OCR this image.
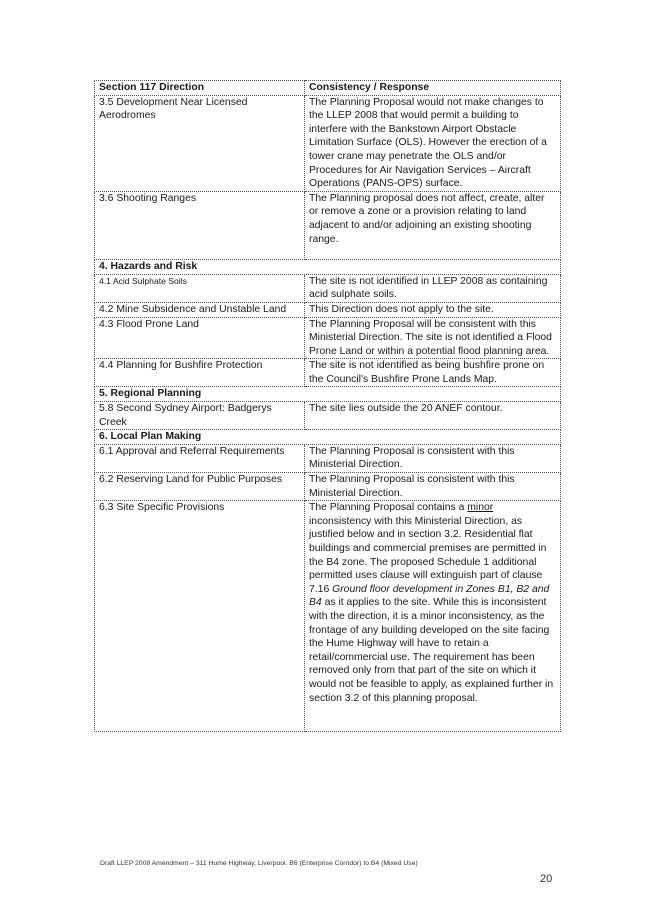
Section 117 Direction	Consistency / Response
3.5 Development Near Licensed Aerodromes	The Planning Proposal would not make changes to the LLEP 2008 that would permit a building to interfere with the Bankstown Airport Obstacle Limitation Surface (OLS). However the erection of a tower crane may penetrate the OLS and/or Procedures for Air Navigation Services – Aircraft Operations (PANS-OPS) surface.
3.6 Shooting Ranges	The Planning proposal does not affect, create, alter or remove a zone or a provision relating to land adjacent to and/or adjoining an existing shooting range.

4. Hazards and Risk	
4.1 Acid Sulphate Soils	The site is not identified in LLEP 2008 as containing acid sulphate soils.
4.2 Mine Subsidence and Unstable Land	This Direction does not apply to the site.
4.3 Flood Prone Land	The Planning Proposal will be consistent with this Ministerial Direction. The site is not identified a Flood Prone Land or within a potential flood planning area.
4.4 Planning for Bushfire Protection	The site is not identified as being bushfire prone on the Council's Bushfire Prone Lands Map.
5. Regional Planning	
5.8 Second Sydney Airport: Badgerys Creek	The site lies outside the 20 ANEF contour.
6. Local Plan Making	
6.1 Approval and Referral Requirements	The Planning Proposal is consistent with this Ministerial Direction.
6.2 Reserving Land for Public Purposes	The Planning Proposal is consistent with this Ministerial Direction.
6.3 Site Specific Provisions	The Planning Proposal contains a minor inconsistency with this Ministerial Direction, as justified below and in section 3.2. Residential flat buildings and commercial premises are permitted in the B4 zone. The proposed Schedule 1 additional permitted uses clause will extinguish part of clause 7.16 Ground floor development in Zones B1, B2 and B4 as it applies to the site. While this is inconsistent with the direction, it is a minor inconsistency, as the frontage of any building developed on the site facing the Hume Highway will have to retain a retail/commercial use. The requirement has been removed only from that part of the site on which it would not be feasible to apply, as explained further in section 3.2 of this planning proposal.
Draft LLEP 2008 Amendment – 311 Hume Highway, Liverpool. B6 (Enterprise Corridor) to B4 (Mixed Use)
20
